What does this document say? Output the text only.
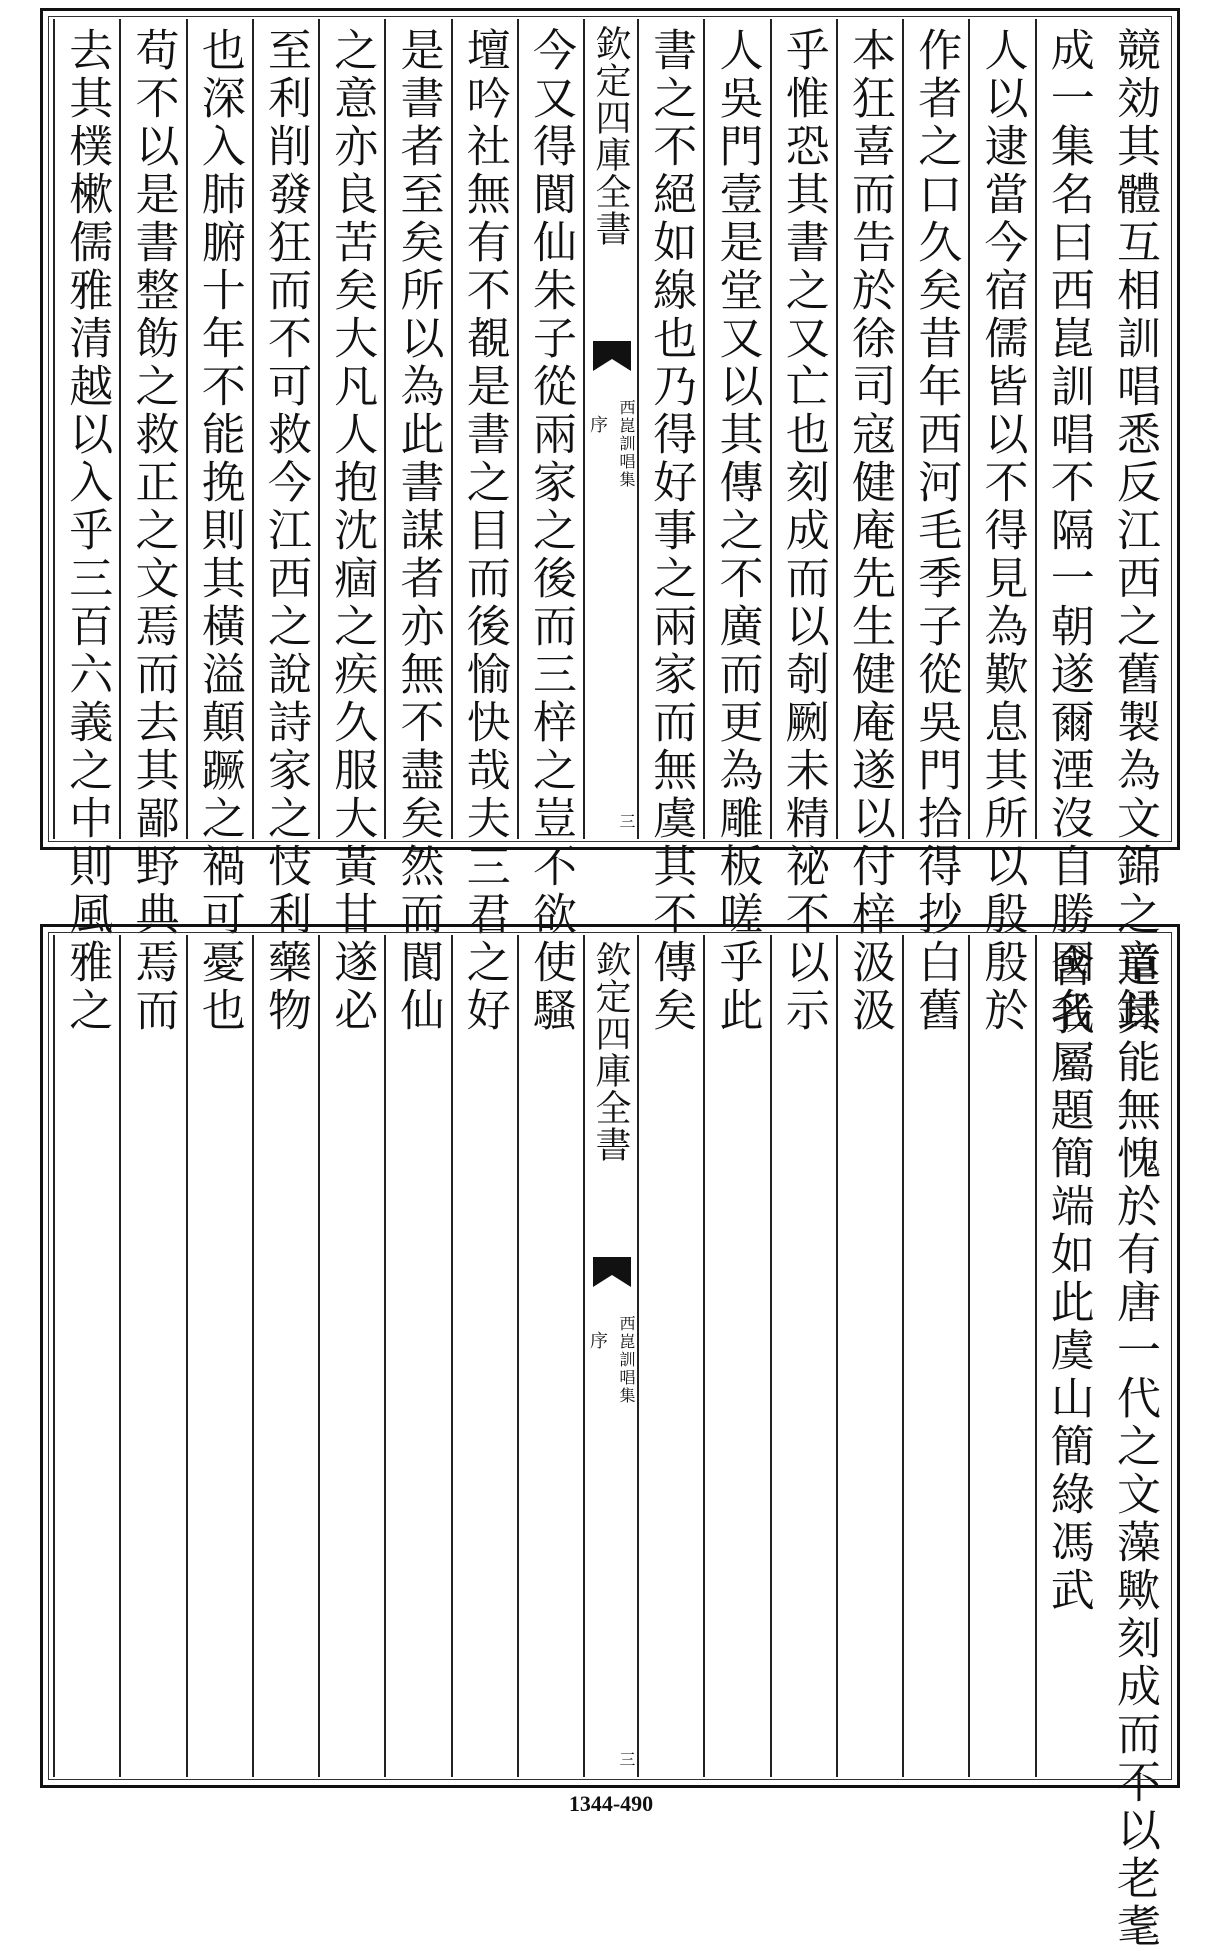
競効其體互相訓唱悉反江西之舊製為文錦之章録
成一集名曰西崑訓唱不隔一朝遂爾湮沒自勝國名
人以逮當今宿儒皆以不得見為歎息其所以殷殷於
作者之口久矣昔年西河毛季子從吳門拾得抄白舊
本狂喜而告於徐司寇健庵先生健庵遂以付梓汲汲
乎惟恐其書之又亡也刻成而以剞劂未精祕不以示
人吳門壹是堂又以其傳之不廣而更為雕板嗟乎此
書之不絕如線也乃得好事之兩家而無虞其不傳矣
欽定四庫全書
西崑訓唱集
序
三
今又得閬仙朱子從兩家之後而三梓之豈不欲使騷
壇吟社無有不覩是書之目而後愉快哉夫三君之好
是書者至矣所以為此書謀者亦無不盡矣然而閬仙
之意亦良苦矣大凡人抱沈痼之疾久服大黃甘遂必
至利削發狂而不可救今江西之說詩家之忮利藥物
也深入肺腑十年不能挽則其橫溢顛蹶之禍可憂也
苟不以是書整飭之救正之文焉而去其鄙野典焉而
去其樸樕儒雅清越以入乎三百六義之中則風雅之
道其能無愧於有唐一代之文藻歟刻成而不以老耄
舍我屬題簡端如此虞山簡綠馮武
欽定四庫全書
西崑訓唱集
序
三
1344-490
